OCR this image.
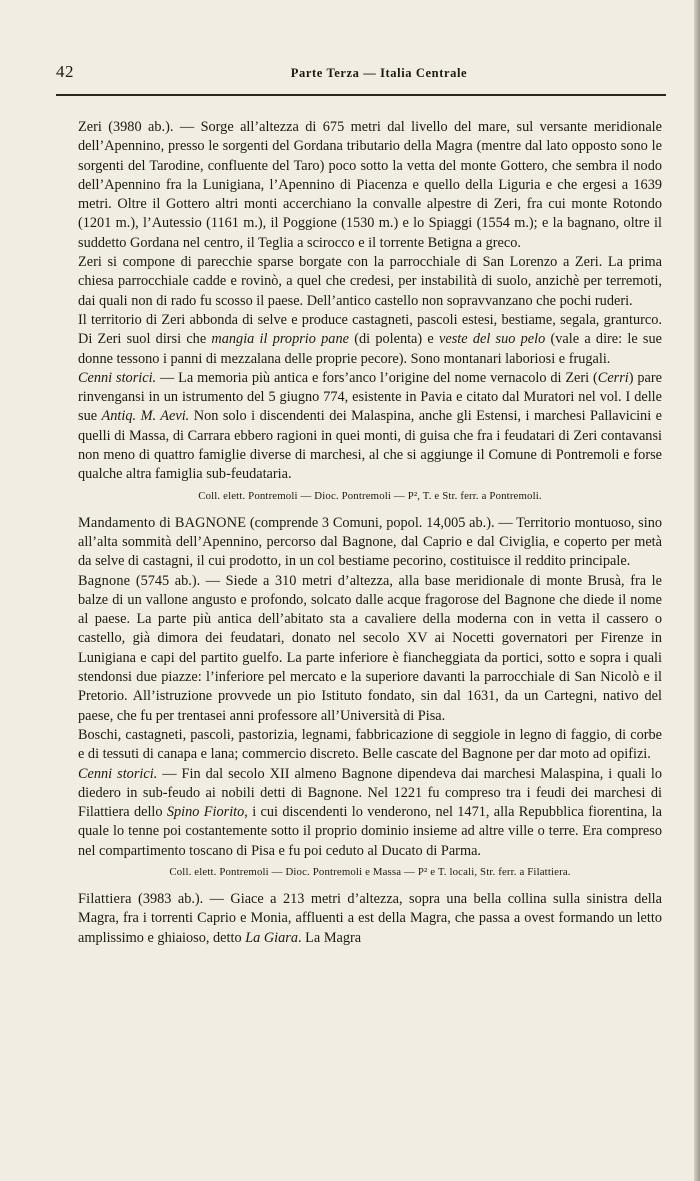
42	Parte Terza — Italia Centrale

Zeri (3980 ab.). — Sorge all’altezza di 675 metri dal livello del mare, sul versante meridionale dell’Apennino, presso le sorgenti del Gordana tributario della Magra (mentre dal lato opposto sono le sorgenti del Tarodine, confluente del Taro) poco sotto la vetta del monte Gottero, che sembra il nodo dell’Apennino fra la Lunigiana, l’Apennino di Piacenza e quello della Liguria e che ergesi a 1639 metri. Oltre il Gottero altri monti accerchiano la convalle alpestre di Zeri, fra cui monte Rotondo (1201 m.), l’Autessio (1161 m.), il Poggione (1530 m.) e lo Spiaggi (1554 m.); e la bagnano, oltre il suddetto Gordana nel centro, il Teglia a scirocco e il torrente Betigna a greco.

Zeri si compone di parecchie sparse borgate con la parrocchiale di San Lorenzo a Zeri. La prima chiesa parrocchiale cadde e rovinò, a quel che credesi, per instabilità di suolo, anzichè per terremoti, dai quali non di rado fu scosso il paese. Dell’antico castello non sopravvanzano che pochi ruderi.

Il territorio di Zeri abbonda di selve e produce castagneti, pascoli estesi, bestiame, segala, granturco. Di Zeri suol dirsi che mangia il proprio pane (di polenta) e veste del suo pelo (vale a dire: le sue donne tessono i panni di mezzalana delle proprie pecore). Sono montanari laboriosi e frugali.

Cenni storici. — La memoria più antica e fors’anco l’origine del nome vernacolo di Zeri (Cerri) pare rinvengansi in un istrumento del 5 giugno 774, esistente in Pavia e citato dal Muratori nel vol. I delle sue Antiq. M. Aevi. Non solo i discendenti dei Malaspina, anche gli Estensi, i marchesi Pallavicini e quelli di Massa, di Carrara ebbero ragioni in quei monti, di guisa che fra i feudatari di Zeri contavansi non meno di quattro famiglie diverse di marchesi, al che si aggiunge il Comune di Pontremoli e forse qualche altra famiglia sub-feudataria.

Coll. elett. Pontremoli — Dioc. Pontremoli — P², T. e Str. ferr. a Pontremoli.

Mandamento di BAGNONE (comprende 3 Comuni, popol. 14,005 ab.). — Territorio montuoso, sino all’alta sommità dell’Apennino, percorso dal Bagnone, dal Caprio e dal Civiglia, e coperto per metà da selve di castagni, il cui prodotto, in un col bestiame pecorino, costituisce il reddito principale.

Bagnone (5745 ab.). — Siede a 310 metri d’altezza, alla base meridionale di monte Brusà, fra le balze di un vallone angusto e profondo, solcato dalle acque fragorose del Bagnone che diede il nome al paese. La parte più antica dell’abitato sta a cavaliere della moderna con in vetta il cassero o castello, già dimora dei feudatari, donato nel secolo XV ai Nocetti governatori per Firenze in Lunigiana e capi del partito guelfo. La parte inferiore è fiancheggiata da portici, sotto e sopra i quali stendonsi due piazze: l’inferiore pel mercato e la superiore davanti la parrocchiale di San Nicolò e il Pretorio. All’istruzione provvede un pio Istituto fondato, sin dal 1631, da un Cartegni, nativo del paese, che fu per trentasei anni professore all’Università di Pisa.

Boschi, castagneti, pascoli, pastorizia, legnami, fabbricazione di seggiole in legno di faggio, di corbe e di tessuti di canapa e lana; commercio discreto. Belle cascate del Bagnone per dar moto ad opifizi.

Cenni storici. — Fin dal secolo XII almeno Bagnone dipendeva dai marchesi Malaspina, i quali lo diedero in sub-feudo ai nobili detti di Bagnone. Nel 1221 fu compreso tra i feudi dei marchesi di Filattiera dello Spino Fiorito, i cui discendenti lo venderono, nel 1471, alla Repubblica fiorentina, la quale lo tenne poi costantemente sotto il proprio dominio insieme ad altre ville o terre. Era compreso nel compartimento toscano di Pisa e fu poi ceduto al Ducato di Parma.

Coll. elett. Pontremoli — Dioc. Pontremoli e Massa — P² e T. locali, Str. ferr. a Filattiera.

Filattiera (3983 ab.). — Giace a 213 metri d’altezza, sopra una bella collina sulla sinistra della Magra, fra i torrenti Caprio e Monia, affluenti a est della Magra, che passa a ovest formando un letto amplissimo e ghiaioso, detto La Giara. La Magra
